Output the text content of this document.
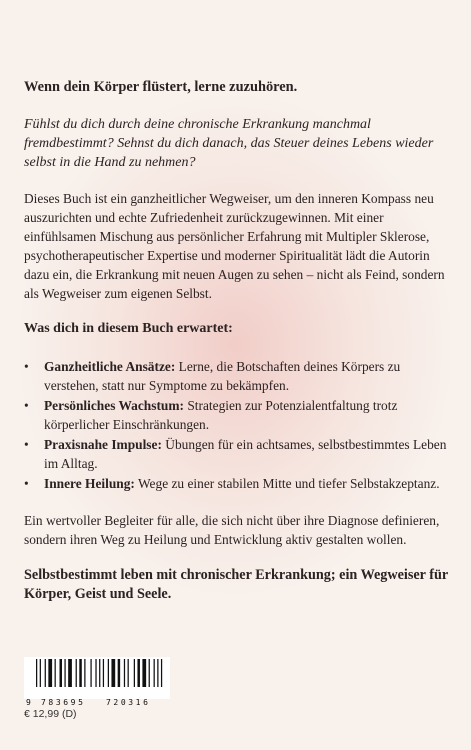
Wenn dein Körper flüstert, lerne zuzuhören.

Fühlst du dich durch deine chronische Erkrankung manchmal fremdbestimmt? Sehnst du dich danach, das Steuer deines Lebens wieder selbst in die Hand zu nehmen?

Dieses Buch ist ein ganzheitlicher Wegweiser, um den inneren Kompass neu auszurichten und echte Zufriedenheit zurückzugewinnen. Mit einer einfühlsamen Mischung aus persönlicher Erfahrung mit Multipler Sklerose, psychotherapeutischer Expertise und moderner Spiritualität lädt die Autorin dazu ein, die Erkrankung mit neuen Augen zu sehen – nicht als Feind, sondern als Wegweiser zum eigenen Selbst.

Was dich in diesem Buch erwartet:

• Ganzheitliche Ansätze: Lerne, die Botschaften deines Körpers zu verstehen, statt nur Symptome zu bekämpfen.
• Persönliches Wachstum: Strategien zur Potenzialentfaltung trotz körperlicher Einschränkungen.
• Praxisnahe Impulse: Übungen für ein achtsames, selbstbestimmtes Leben im Alltag.
• Innere Heilung: Wege zu einer stabilen Mitte und tiefer Selbstakzeptanz.

Ein wertvoller Begleiter für alle, die sich nicht über ihre Diagnose definieren, sondern ihren Weg zu Heilung und Entwicklung aktiv gestalten wollen.

Selbstbestimmt leben mit chronischer Erkrankung; ein Wegweiser für Körper, Geist und Seele.

9 783695	720316
€ 12,99 (D)
